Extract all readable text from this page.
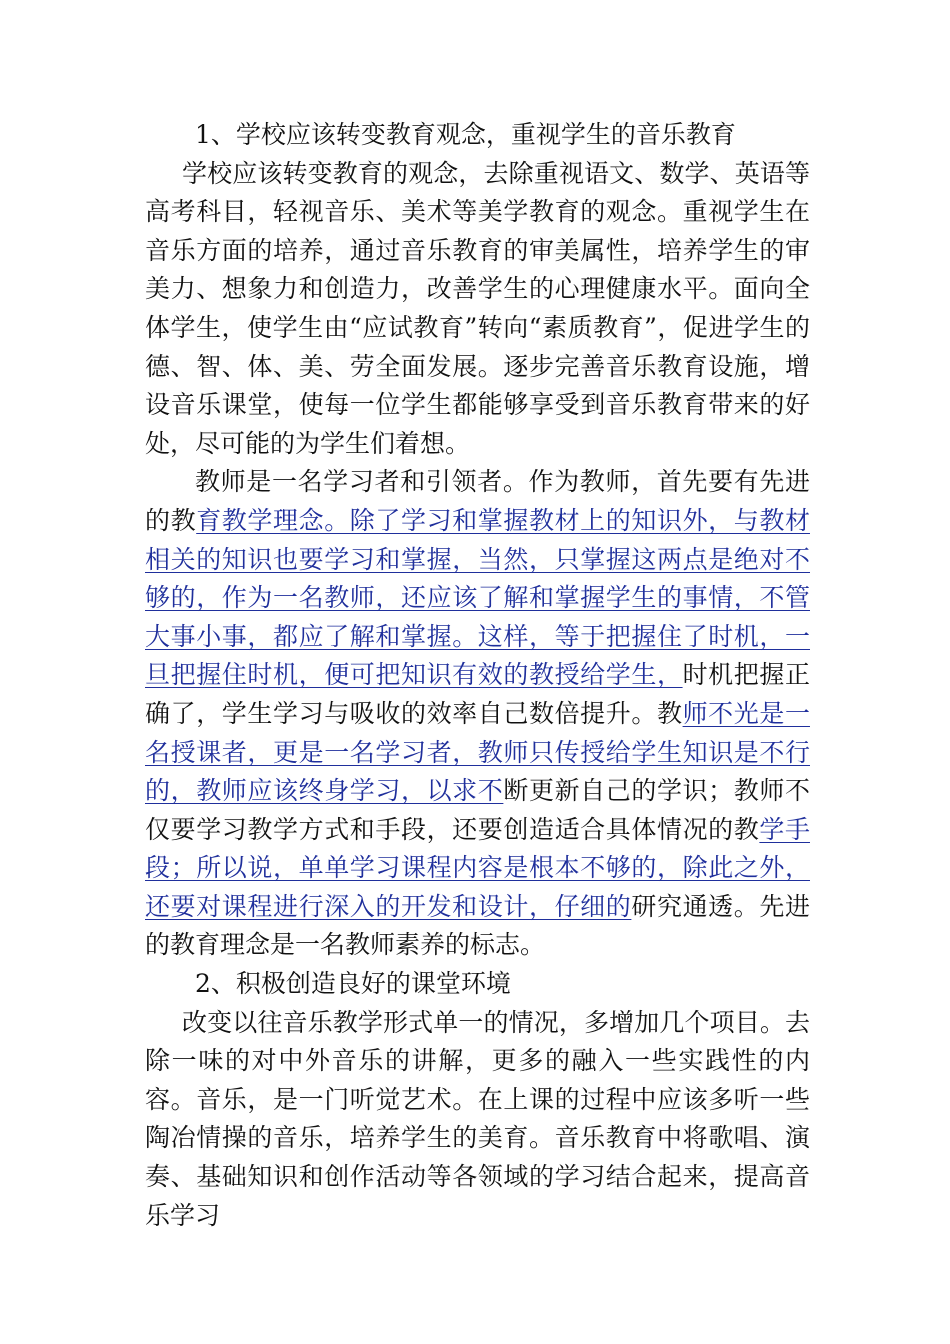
1、学校应该转变教育观念，重视学生的音乐教育

学校应该转变教育的观念，去除重视语文、数学、英语等高考科目，轻视音乐、美术等美学教育的观念。重视学生在音乐方面的培养，通过音乐教育的审美属性，培养学生的审美力、想象力和创造力，改善学生的心理健康水平。面向全体学生，使学生由“应试教育”转向“素质教育”，促进学生的德、智、体、美、劳全面发展。逐步完善音乐教育设施，增设音乐课堂，使每一位学生都能够享受到音乐教育带来的好处，尽可能的为学生们着想。

教师是一名学习者和引领者。作为教师，首先要有先进的教育教学理念。除了学习和掌握教材上的知识外，与教材相关的知识也要学习和掌握，当然，只掌握这两点是绝对不够的，作为一名教师，还应该了解和掌握学生的事情，不管大事小事，都应了解和掌握。这样，等于把握住了时机，一旦把握住时机，便可把知识有效的教授给学生，时机把握正确了，学生学习与吸收的效率自己数倍提升。教师不光是一名授课者，更是一名学习者，教师只传授给学生知识是不行的，教师应该终身学习，以求不断更新自己的学识；教师不仅要学习教学方式和手段，还要创造适合具体情况的教学手段；所以说，单单学习课程内容是根本不够的，除此之外，还要对课程进行深入的开发和设计，仔细的研究通透。先进的教育理念是一名教师素养的标志。

2、积极创造良好的课堂环境

改变以往音乐教学形式单一的情况，多增加几个项目。去除一味的对中外音乐的讲解，更多的融入一些实践性的内容。音乐，是一门听觉艺术。在上课的过程中应该多听一些陶冶情操的音乐，培养学生的美育。音乐教育中将歌唱、演奏、基础知识和创作活动等各领域的学习结合起来，提高音乐学习
